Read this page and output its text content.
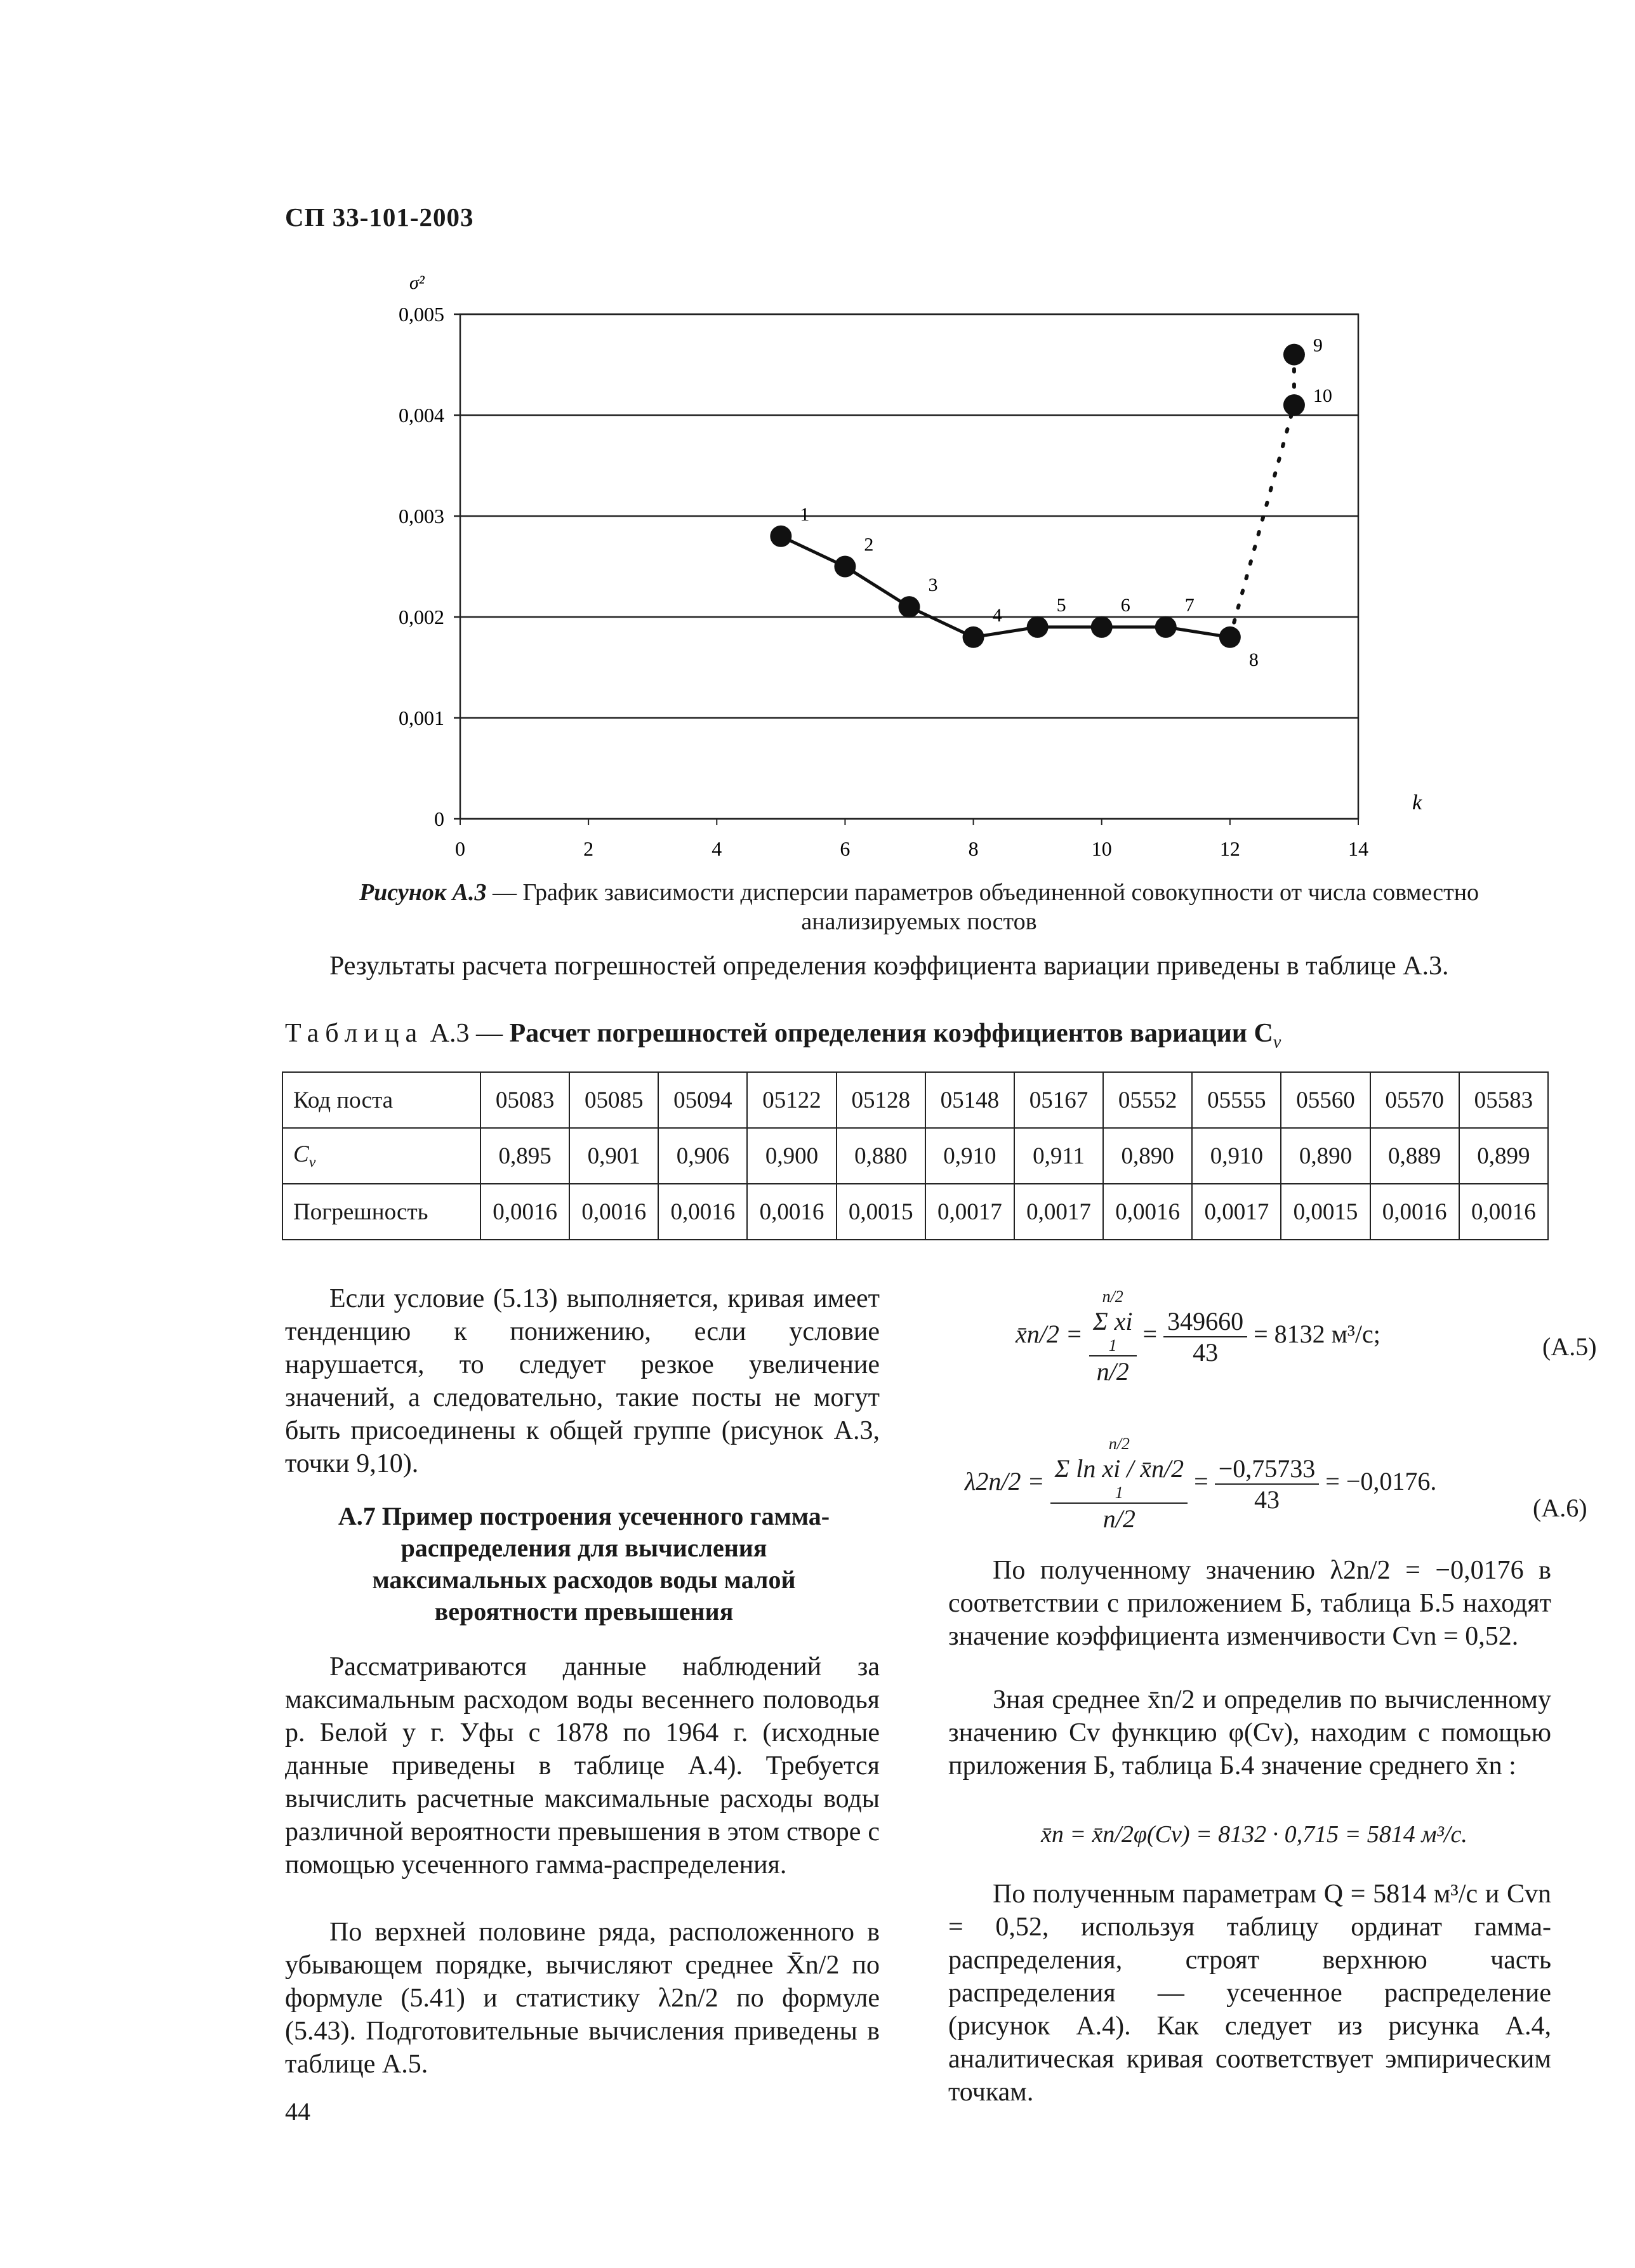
СП 33-101-2003
0
0,001
0,002
0,003
0,004
0,005
0	2	4	6	8	10	12	14
1
2
3
4	5	6	7
8
10
9
σ²
k
Рисунок А.3 — График зависимости дисперсии параметров объединенной совокупности от числа совместно анализируемых постов
Результаты расчета погрешностей определения коэффициента вариации приведены в таблице А.3.
Таблица А.3 — Расчет погрешностей определения коэффициентов вариации $C_v$
Код поста	05083	05085	05094	05122	05128	05148	05167	05552	05555	05560	05570	05583
$C_v$	0,895	0,901	0,906	0,900	0,880	0,910	0,911	0,890	0,910	0,890	0,889	0,899
Погрешность	0,0016	0,0016	0,0016	0,0016	0,0015	0,0017	0,0017	0,0016	0,0017	0,0015	0,0016	0,0016
Если условие (5.13) выполняется, кривая имеет тенденцию к понижению, если условие нарушается, то следует резкое увеличение значений, а следовательно, такие посты не могут быть присоединены к общей группе (рисунок А.3, точки 9,10).
А.7 Пример построения усеченного гамма-распределения для вычисления максимальных расходов воды малой вероятности превышения
Рассматриваются данные наблюдений за максимальным расходом воды весеннего половодья р. Белой у г. Уфы с 1878 по 1964 г. (исходные данные приведены в таблице А.4). Требуется вычислить расчетные максимальные расходы воды различной вероятности превышения в этом створе с помощью усеченного гамма-распределения.
По верхней половине ряда, расположенного в убывающем порядке, вычисляют среднее X̄n/2 по формуле (5.41) и статистику λ2n/2 по формуле (5.43). Подготовительные вычисления приведены в таблице А.5.
x̄n/2 = n/2
Σ xi
1
$n/2 = \frac{349660}{43} = 8132$ м³/с;	(А.5)
λ2n/2 = n/2
Σ ln xi / x̄n/2
1
$n/2 = \frac{-0,75733}{43} = -0,0176$.
(А.6)
По полученному значению λ2n/2 = −0,0176 в соответствии с приложением Б, таблица Б.5 находят значение коэффициента изменчивости Cvn = 0,52.
Зная среднее x̄n/2 и определив по вычисленному значению Cv функцию φ(Cv), находим с помощью приложения Б, таблица Б.4 значение среднего x̄n :
x̄n = x̄n/2φ(Cv) = 8132 · 0,715 = 5814 м³/с.
По полученным параметрам Q = 5814 м³/с и Cvn = 0,52, используя таблицу ординат гамма-распределения, строят верхнюю часть распределения — усеченное распределение (рисунок А.4). Как следует из рисунка А.4, аналитическая кривая соответствует эмпирическим точкам.
44
